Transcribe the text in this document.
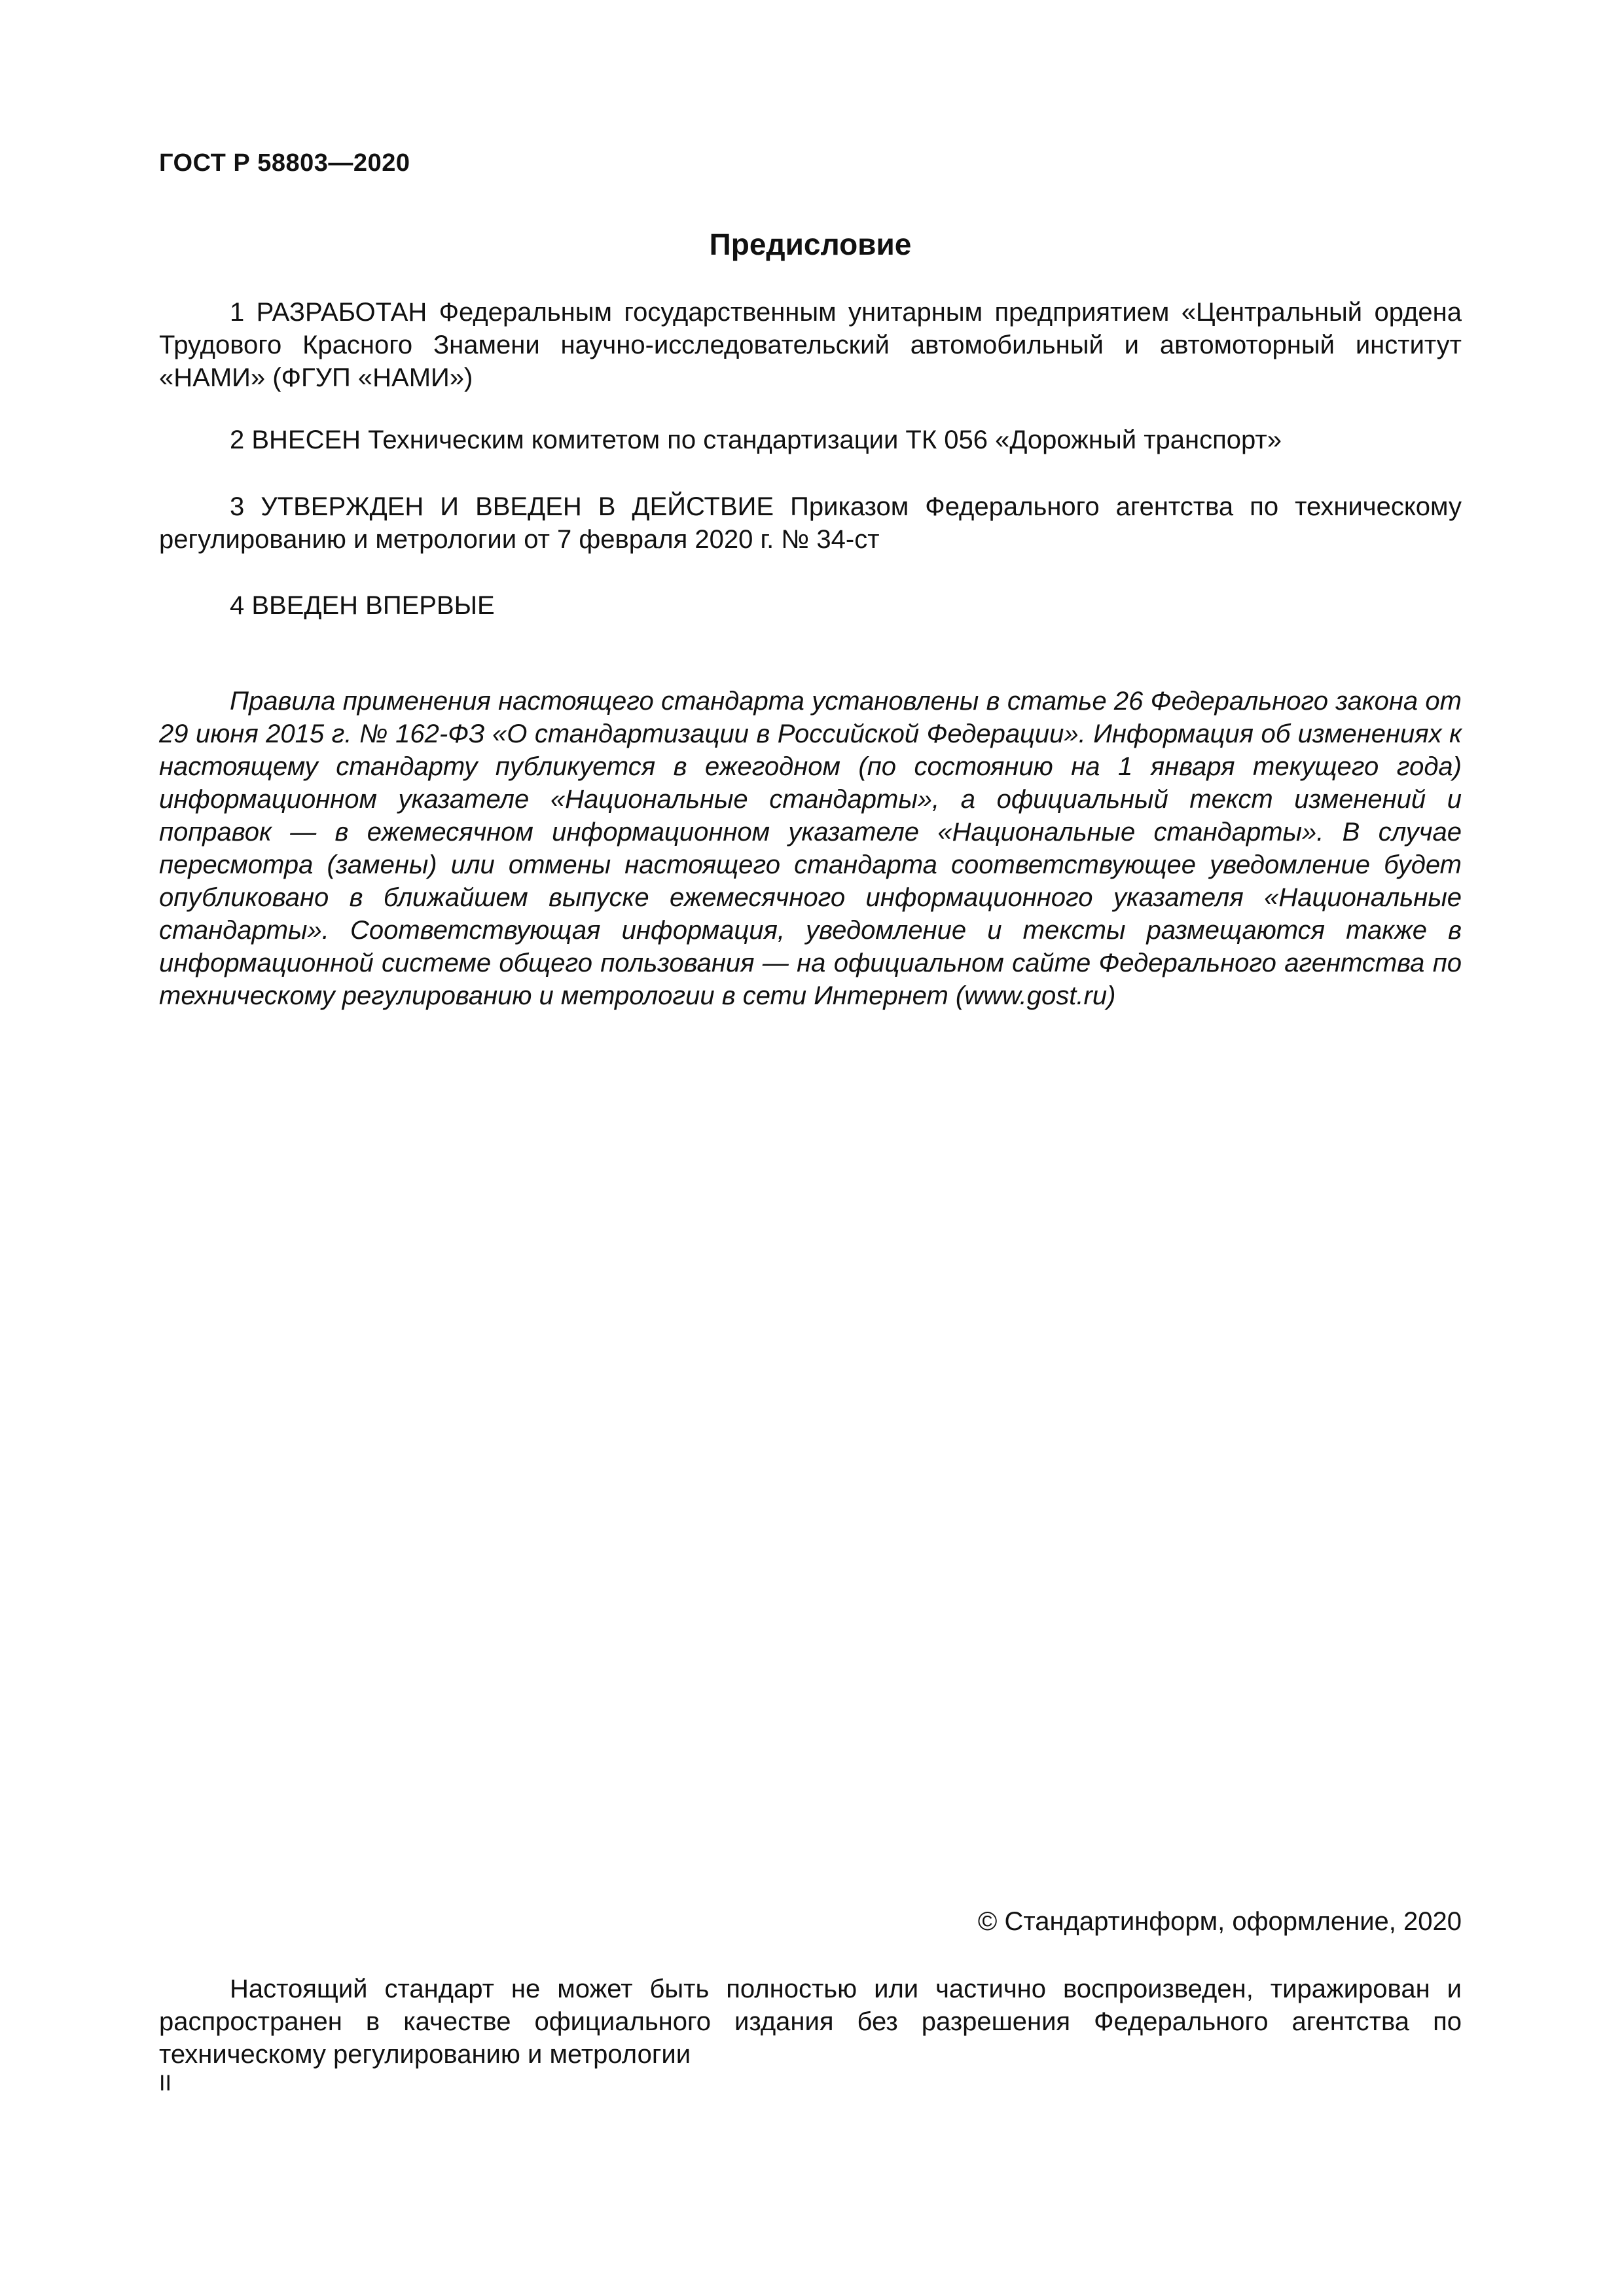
ГОСТ Р 58803—2020
Предисловие

1 РАЗРАБОТАН Федеральным государственным унитарным предприятием «Центральный ордена Трудового Красного Знамени научно-исследовательский автомобильный и автомоторный институт «НАМИ» (ФГУП «НАМИ»)

2 ВНЕСЕН Техническим комитетом по стандартизации ТК 056 «Дорожный транспорт»

3 УТВЕРЖДЕН И ВВЕДЕН В ДЕЙСТВИЕ Приказом Федерального агентства по техническому регулированию и метрологии от 7 февраля 2020 г. № 34-ст

4 ВВЕДЕН ВПЕРВЫЕ

Правила применения настоящего стандарта установлены в статье 26 Федерального закона от 29 июня 2015 г. № 162-ФЗ «О стандартизации в Российской Федерации». Информация об изменениях к настоящему стандарту публикуется в ежегодном (по состоянию на 1 января текущего года) информационном указателе «Национальные стандарты», а официальный текст изменений и поправок — в ежемесячном информационном указателе «Национальные стандарты». В случае пересмотра (замены) или отмены настоящего стандарта соответствующее уведомление будет опубликовано в ближайшем выпуске ежемесячного информационного указателя «Национальные стандарты». Соответствующая информация, уведомление и тексты размещаются также в информационной системе общего пользования — на официальном сайте Федерального агентства по техническому регулированию и метрологии в сети Интернет (www.gost.ru)

© Стандартинформ, оформление, 2020

Настоящий стандарт не может быть полностью или частично воспроизведен, тиражирован и распространен в качестве официального издания без разрешения Федерального агентства по техническому регулированию и метрологии

II
